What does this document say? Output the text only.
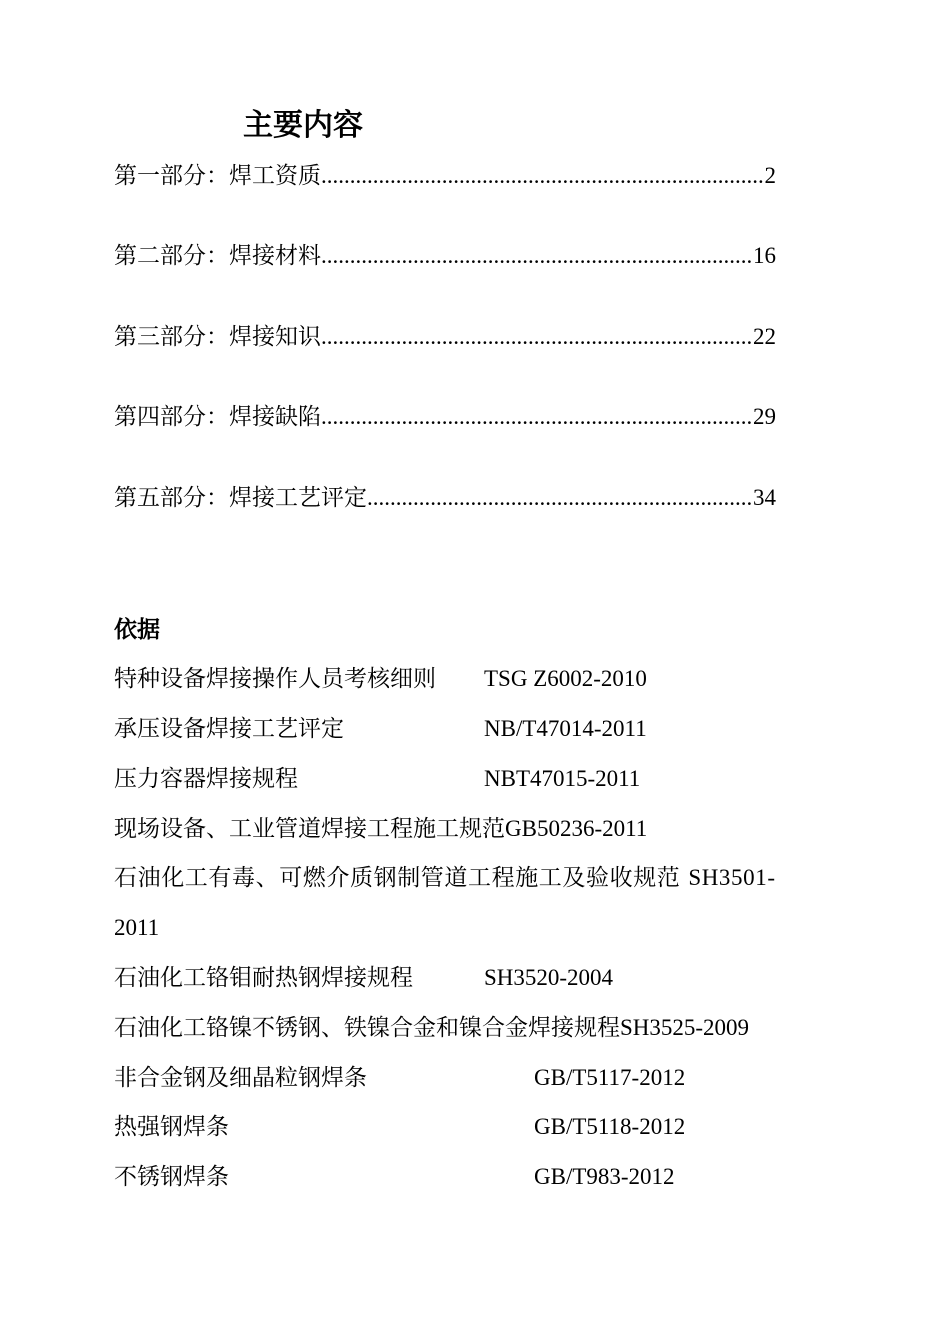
主要内容
第一部分：焊工资质 .....	2
第二部分：焊接材料 .....	16
第三部分：焊接知识 .....	22
第四部分：焊接缺陷 .....	29
第五部分：焊接工艺评定 .....	34
依据
特种设备焊接操作人员考核细则 TSG Z6002-2010
承压设备焊接工艺评定	NB/T47014-2011
压力容器焊接规程	NBT47015-2011
现场设备、工业管道焊接工程施工规范GB50236-2011
石油化工有毒、可燃介质钢制管道工程施工及验收规范 SH3501-
2011
石油化工铬钼耐热钢焊接规程	SH3520-2004
石油化工铬镍不锈钢、铁镍合金和镍合金焊接规程SH3525-2009
非合金钢及细晶粒钢焊条	GB/T5117-2012
热强钢焊条	GB/T5118-2012
不锈钢焊条	GB/T983-2012
